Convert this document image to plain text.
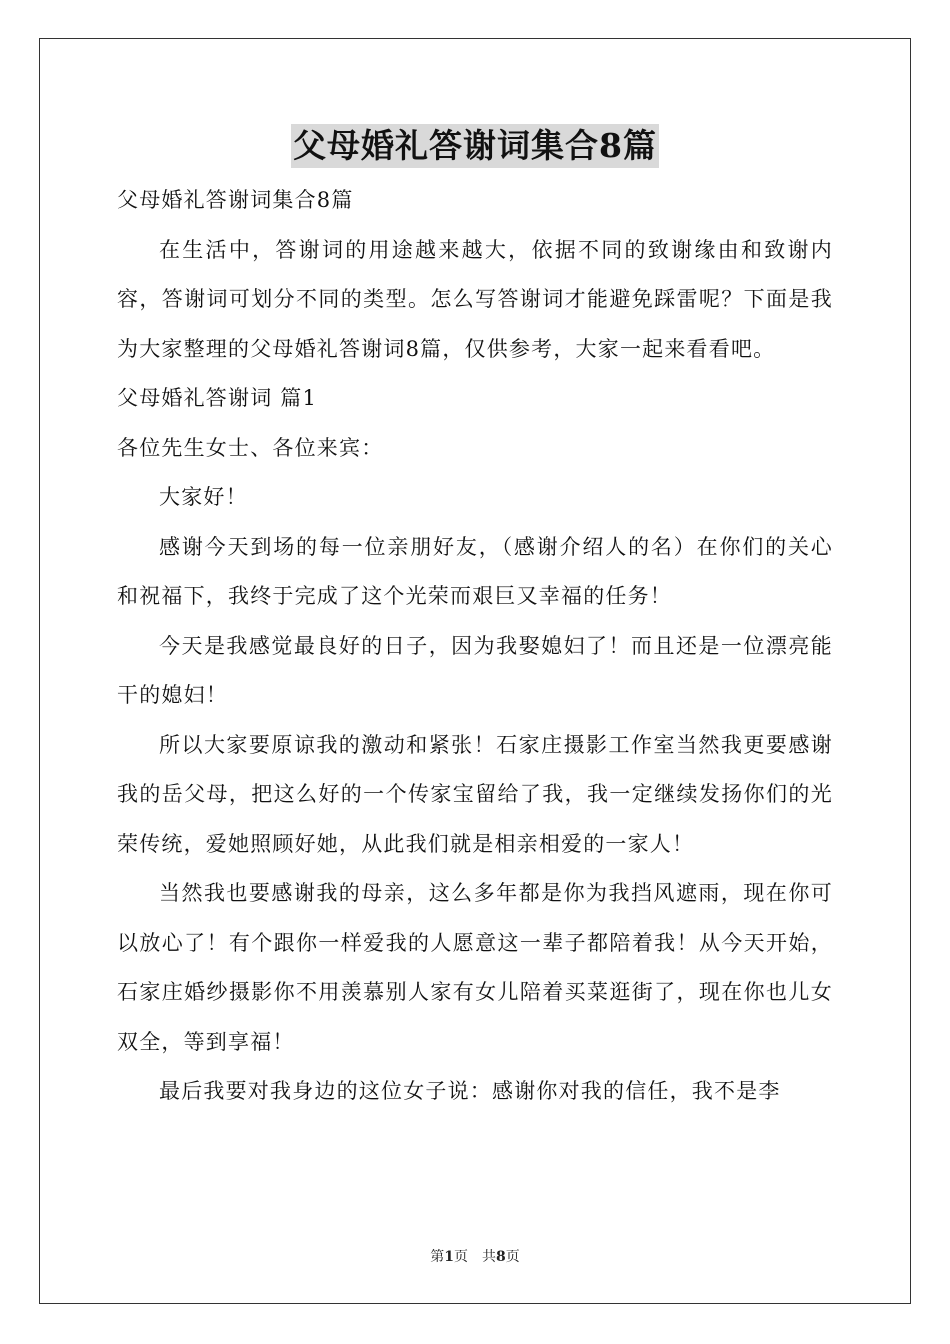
父母婚礼答谢词集合8篇

父母婚礼答谢词集合8篇

在生活中，答谢词的用途越来越大，依据不同的致谢缘由和致谢内容，答谢词可划分不同的类型。怎么写答谢词才能避免踩雷呢？下面是我为大家整理的父母婚礼答谢词8篇，仅供参考，大家一起来看看吧。

父母婚礼答谢词 篇1

各位先生女士、各位来宾：

大家好！

感谢今天到场的每一位亲朋好友，（感谢介绍人的名）在你们的关心和祝福下，我终于完成了这个光荣而艰巨又幸福的任务！

今天是我感觉最良好的日子，因为我娶媳妇了！而且还是一位漂亮能干的媳妇！

所以大家要原谅我的激动和紧张！石家庄摄影工作室当然我更要感谢我的岳父母，把这么好的一个传家宝留给了我，我一定继续发扬你们的光荣传统，爱她照顾好她，从此我们就是相亲相爱的一家人！

当然我也要感谢我的母亲，这么多年都是你为我挡风遮雨，现在你可以放心了！有个跟你一样爱我的人愿意这一辈子都陪着我！从今天开始，石家庄婚纱摄影你不用羡慕别人家有女儿陪着买菜逛街了，现在你也儿女双全，等到享福！

最后我要对我身边的这位女子说：感谢你对我的信任，我不是李

第1页 共8页
